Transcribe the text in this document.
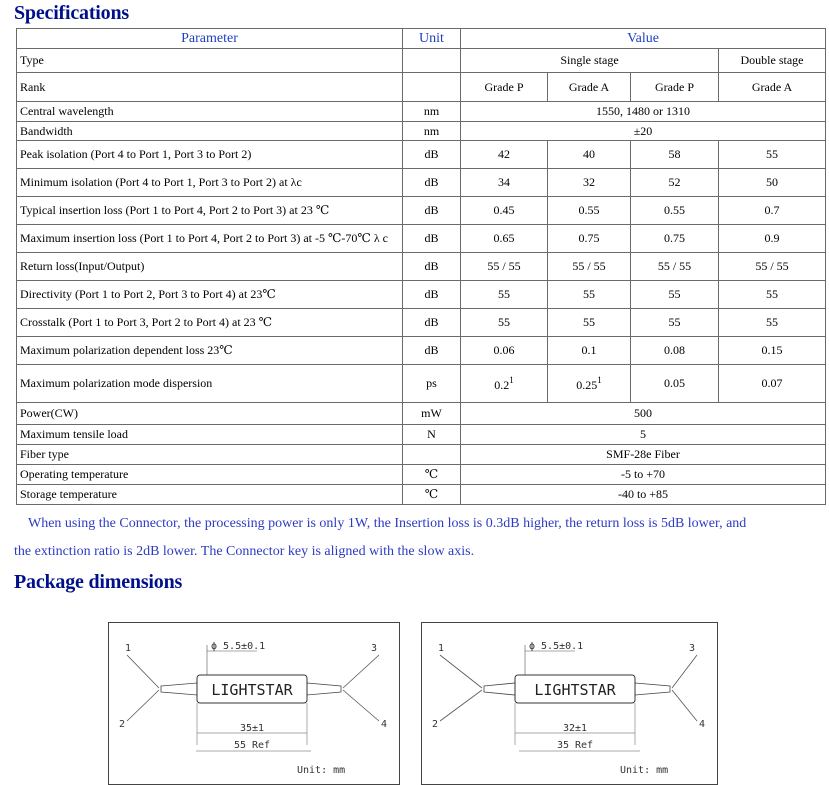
Specifications
Parameter	Unit	Value			
Type		Single stage			Double stage
Rank		Grade P	Grade A	Grade P	Grade A
Central wavelength	nm	1550, 1480 or 1310			
Bandwidth	nm	±20			
Peak isolation (Port 4 to Port 1, Port 3 to Port 2)	dB	42	40	58	55
Minimum isolation (Port 4 to Port 1, Port 3 to Port 2) at λc	dB	34	32	52	50
Typical insertion loss (Port 1 to Port 4, Port 2 to Port 3) at 23 ℃	dB	0.45	0.55	0.55	0.7
Maximum insertion loss (Port 1 to Port 4, Port 2 to Port 3) at -5 ℃-70℃ λ c	dB	0.65	0.75	0.75	0.9
Return loss(Input/Output)	dB	55 / 55	55 / 55	55 / 55	55 / 55
Directivity (Port 1 to Port 2, Port 3 to Port 4) at 23℃	dB	55	55	55	55
Crosstalk (Port 1 to Port 3, Port 2 to Port 4) at 23 ℃	dB	55	55	55	55
Maximum polarization dependent loss 23℃	dB	0.06	0.1	0.08	0.15
Maximum polarization mode dispersion	ps	$0.2^1$	0.25$^1$	0.05	0.07
Power(CW)	mW	500			
Maximum tensile load	N	5			
Fiber type		SMF-28e Fiber			
Operating temperature	℃	-5 to +70			
Storage temperature	℃	-40 to +85			
When using the Connector, the processing power is only 1W, the Insertion loss is 0.3dB higher, the return loss is 5dB lower, and
the extinction ratio is 2dB lower. The Connector key is aligned with the slow axis.
Package dimensions
LIGHTSTAR
ϕ 5.5±0.1
35±1
55 Ref
1
2
3
4
Unit: mm
LIGHTSTAR
ϕ 5.5±0.1
32±1
35 Ref
1
2
3
4
Unit: mm
